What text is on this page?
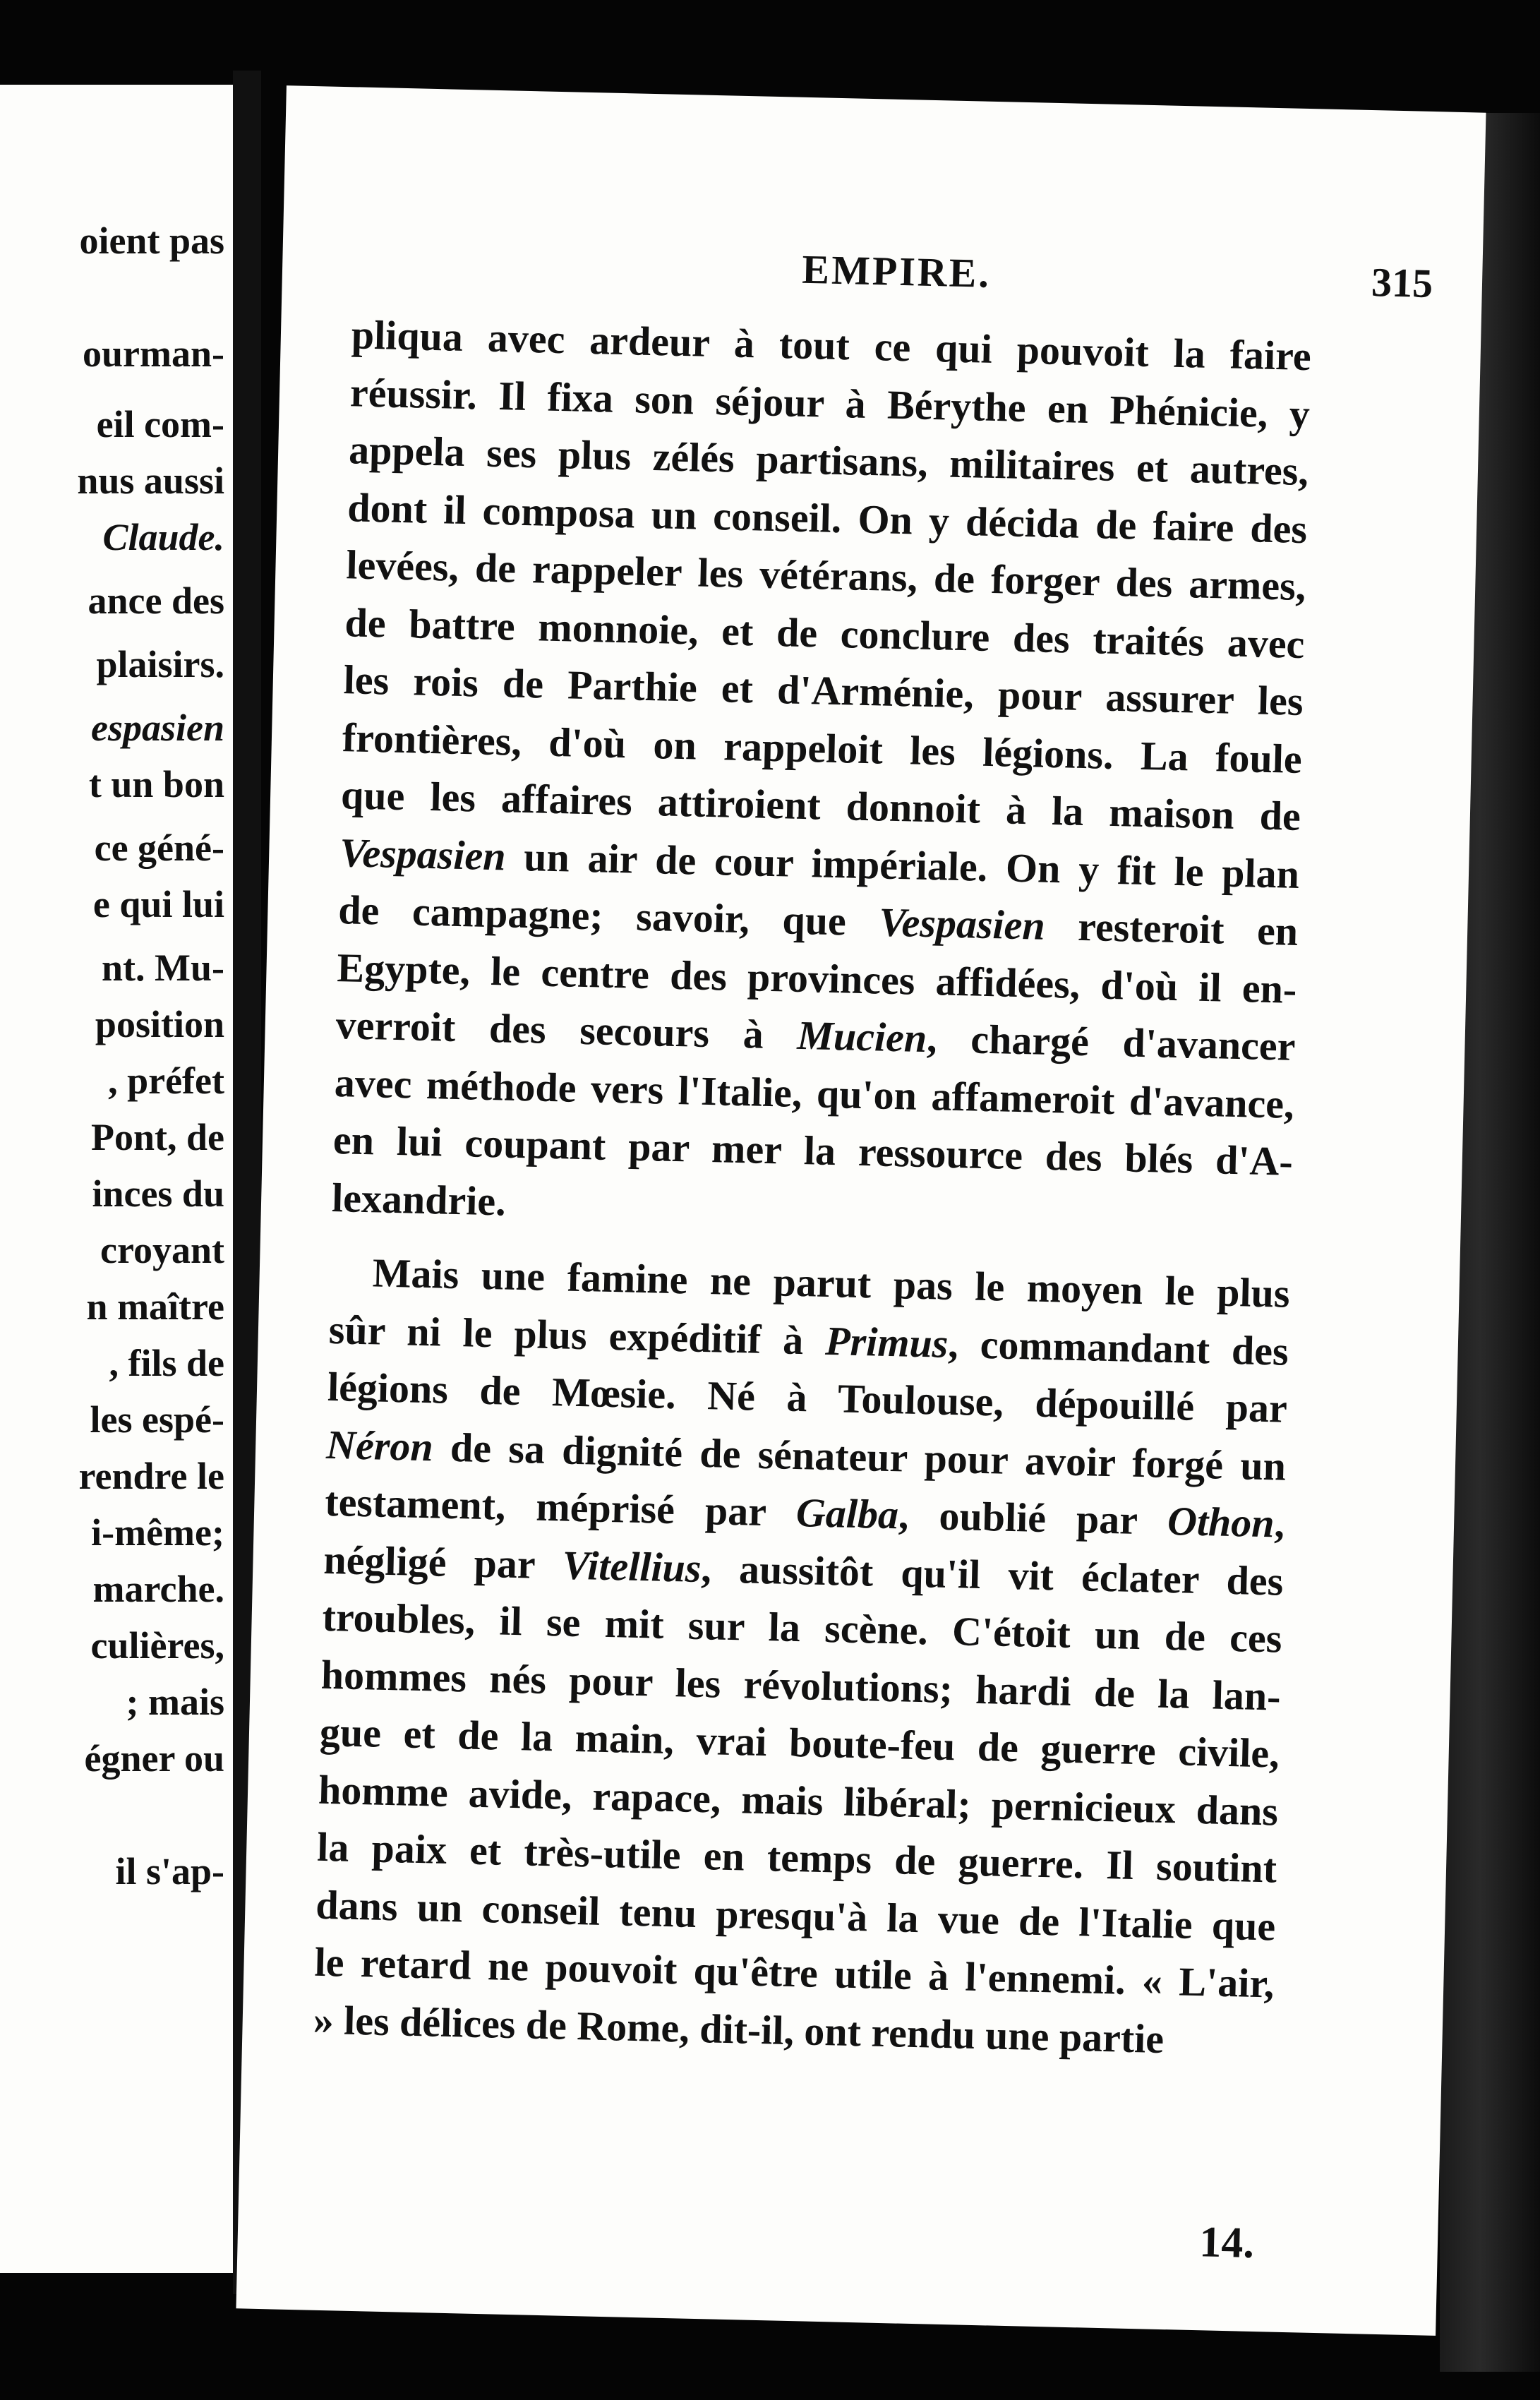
oient pas
ourman-
eil com-
nus aussi
Claude.
ance des
plaisirs.
espasien
t un bon
ce géné-
e qui lui
nt. Mu-
position
, préfet
Pont, de
inces du
croyant
n maître
, fils de
les espé-
rendre le
i-même;
marche.
culières,
; mais
égner ou
il s'ap-
EMPIRE.	315
pliqua avec ardeur à tout ce qui pouvoit la faire
réussir. Il fixa son séjour à Bérythe en Phénicie, y
appela ses plus zélés partisans, militaires et autres,
dont il composa un conseil. On y décida de faire des
levées, de rappeler les vétérans, de forger des armes,
de battre monnoie, et de conclure des traités avec
les rois de Parthie et d'Arménie, pour assurer les
frontières, d'où on rappeloit les légions. La foule
que les affaires attiroient donnoit à la maison de
Vespasien un air de cour impériale. On y fit le plan
de campagne; savoir, que Vespasien resteroit en
Egypte, le centre des provinces affidées, d'où il en-
verroit des secours à Mucien, chargé d'avancer
avec méthode vers l'Italie, qu'on affameroit d'avance,
en lui coupant par mer la ressource des blés d'A-
lexandrie.
Mais une famine ne parut pas le moyen le plus
sûr ni le plus expéditif à Primus, commandant des
légions de Mœsie. Né à Toulouse, dépouillé par
Néron de sa dignité de sénateur pour avoir forgé un
testament, méprisé par Galba, oublié par Othon,
négligé par Vitellius, aussitôt qu'il vit éclater des
troubles, il se mit sur la scène. C'étoit un de ces
hommes nés pour les révolutions; hardi de la lan-
gue et de la main, vrai boute-feu de guerre civile,
homme avide, rapace, mais libéral; pernicieux dans
la paix et très-utile en temps de guerre. Il soutint
dans un conseil tenu presqu'à la vue de l'Italie que
le retard ne pouvoit qu'être utile à l'ennemi. « L'air,
» les délices de Rome, dit-il, ont rendu une partie
14.
